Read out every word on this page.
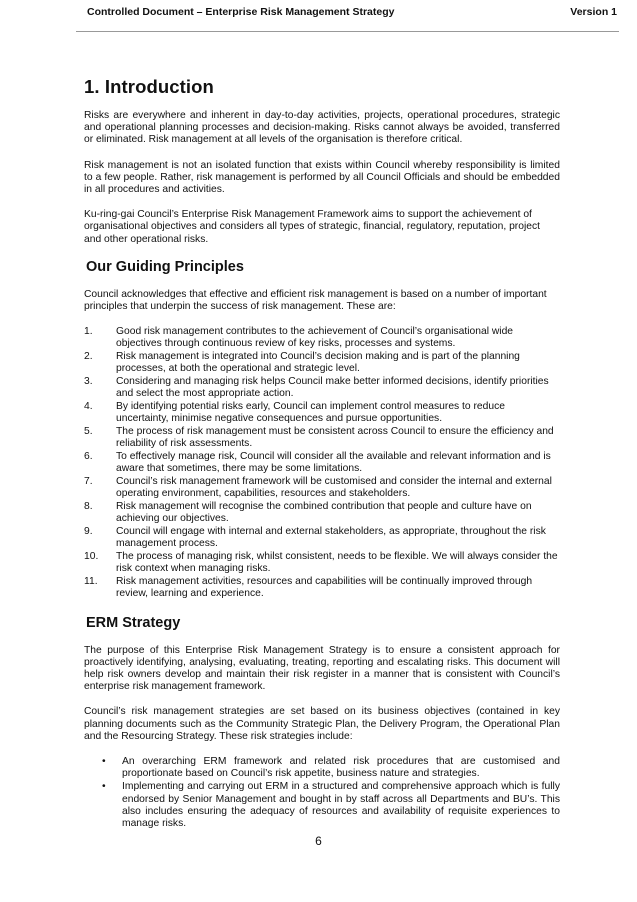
Controlled Document – Enterprise Risk Management Strategy	Version 1
1. Introduction

Risks are everywhere and inherent in day-to-day activities, projects, operational procedures, strategic and operational planning processes and decision-making. Risks cannot always be avoided, transferred or eliminated. Risk management at all levels of the organisation is therefore critical.

Risk management is not an isolated function that exists within Council whereby responsibility is limited to a few people. Rather, risk management is performed by all Council Officials and should be embedded in all procedures and activities.

Ku-ring-gai Council’s Enterprise Risk Management Framework aims to support the achievement of organisational objectives and considers all types of strategic, financial, regulatory, reputation, project and other operational risks.

Our Guiding Principles

Council acknowledges that effective and efficient risk management is based on a number of important principles that underpin the success of risk management. These are:

1. Good risk management contributes to the achievement of Council’s organisational wide objectives through continuous review of key risks, processes and systems.
2. Risk management is integrated into Council’s decision making and is part of the planning processes, at both the operational and strategic level.
3. Considering and managing risk helps Council make better informed decisions, identify priorities and select the most appropriate action.
4. By identifying potential risks early, Council can implement control measures to reduce uncertainty, minimise negative consequences and pursue opportunities.
5. The process of risk management must be consistent across Council to ensure the efficiency and reliability of risk assessments.
6. To effectively manage risk, Council will consider all the available and relevant information and is aware that sometimes, there may be some limitations.
7. Council’s risk management framework will be customised and consider the internal and external operating environment, capabilities, resources and stakeholders.
8. Risk management will recognise the combined contribution that people and culture have on achieving our objectives.
9. Council will engage with internal and external stakeholders, as appropriate, throughout the risk management process.
10. The process of managing risk, whilst consistent, needs to be flexible. We will always consider the risk context when managing risks.
11. Risk management activities, resources and capabilities will be continually improved through review, learning and experience.
ERM Strategy

The purpose of this Enterprise Risk Management Strategy is to ensure a consistent approach for proactively identifying, analysing, evaluating, treating, reporting and escalating risks. This document will help risk owners develop and maintain their risk register in a manner that is consistent with Council’s enterprise risk management framework.

Council’s risk management strategies are set based on its business objectives (contained in key planning documents such as the Community Strategic Plan, the Delivery Program, the Operational Plan and the Resourcing Strategy. These risk strategies include:

• An overarching ERM framework and related risk procedures that are customised and proportionate based on Council’s risk appetite, business nature and strategies.
• Implementing and carrying out ERM in a structured and comprehensive approach which is fully endorsed by Senior Management and bought in by staff across all Departments and BU’s. This also includes ensuring the adequacy of resources and availability of requisite experiences to manage risks.
6
